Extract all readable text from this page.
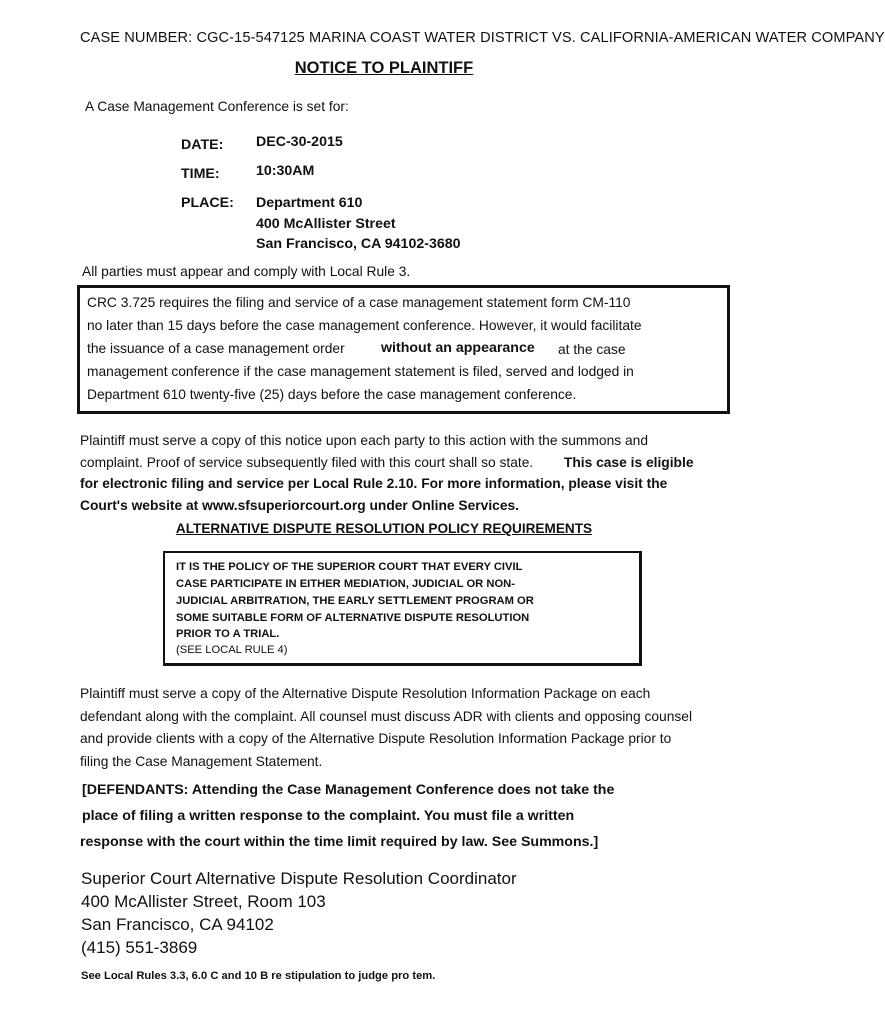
CASE NUMBER: CGC-15-547125 MARINA COAST WATER DISTRICT VS. CALIFORNIA-AMERICAN WATER COMPANY
NOTICE TO PLAINTIFF
A Case Management Conference is set for:
DATE: DEC-30-2015
TIME:	10:30AM
PLACE: Department 610
400 McAllister Street
San Francisco, CA 94102-3680
All parties must appear and comply with Local Rule 3.
CRC 3.725 requires the filing and service of a case management statement form CM-110
no later than 15 days before the case management conference. However, it would facilitate
the issuance of a case management order	without an appearance at the case
management conference if the case management statement is filed, served and lodged in
Department 610 twenty-five (25) days before the case management conference.
Plaintiff must serve a copy of this notice upon each party to this action with the summons and complaint. Proof of service subsequently filed with this court shall so state. This case is eligible for electronic filing and service per Local Rule 2.10. For more information, please visit the Court's website at www.sfsuperiorcourt.org under Online Services.
ALTERNATIVE DISPUTE RESOLUTION POLICY REQUIREMENTS
IT IS THE POLICY OF THE SUPERIOR COURT THAT EVERY CIVIL
CASE PARTICIPATE IN EITHER MEDIATION, JUDICIAL OR NON-
JUDICIAL ARBITRATION, THE EARLY SETTLEMENT PROGRAM OR
SOME SUITABLE FORM OF ALTERNATIVE DISPUTE RESOLUTION
PRIOR TO A TRIAL.
(SEE LOCAL RULE 4)
Plaintiff must serve a copy of the Alternative Dispute Resolution Information Package on each defendant along with the complaint. All counsel must discuss ADR with clients and opposing counsel and provide clients with a copy of the Alternative Dispute Resolution Information Package prior to filing the Case Management Statement.
[DEFENDANTS: Attending the Case Management Conference does not take the
place of filing a written response to the complaint. You must file a written
response with the court within the time limit required by law. See Summons.]
Superior Court Alternative Dispute Resolution Coordinator
400 McAllister Street, Room 103
San Francisco, CA 94102
(415) 551-3869
See Local Rules 3.3, 6.0 C and 10 B re stipulation to judge pro tem.
